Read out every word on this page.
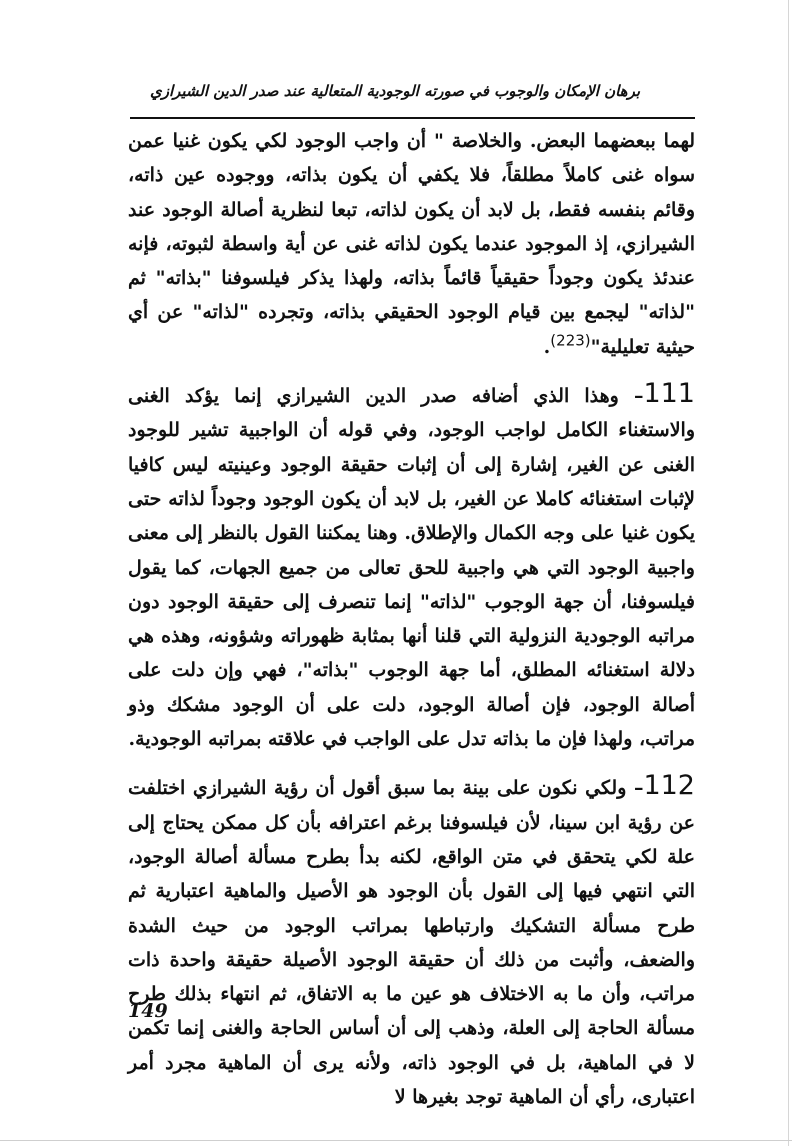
برهان الإمكان والوجوب في صورته الوجودية المتعالية عند صدر الدين الشيرازي

لهما ببعضهما البعض. والخلاصة " أن واجب الوجود لكي يكون غنيا عمن سواه غنى كاملاً مطلقاً، فلا يكفي أن يكون بذاته، ووجوده عين ذاته، وقائم بنفسه فقط، بل لابد أن يكون لذاته، تبعا لنظرية أصالة الوجود عند الشيرازي، إذ الموجود عندما يكون لذاته غنى عن أية واسطة لثبوته، فإنه عندئذ يكون وجوداً حقيقياً قائماً بذاته، ولهذا يذكر فيلسوفنا "بذاته" ثم "لذاته" ليجمع بين قيام الوجود الحقيقي بذاته، وتجرده "لذاته" عن أي حيثية تعليلية"$^{(223)}$.

111– وهذا الذي أضافه صدر الدين الشيرازي إنما يؤكد الغنى والاستغناء الكامل لواجب الوجود، وفي قوله أن الواجبية تشير للوجود الغنى عن الغير، إشارة إلى أن إثبات حقيقة الوجود وعينيته ليس كافيا لإثبات استغنائه كاملا عن الغير، بل لابد أن يكون الوجود وجوداً لذاته حتى يكون غنيا على وجه الكمال والإطلاق. وهنا يمكننا القول بالنظر إلى معنى واجبية الوجود التي هي واجبية للحق تعالى من جميع الجهات، كما يقول فيلسوفنا، أن جهة الوجوب "لذاته" إنما تنصرف إلى حقيقة الوجود دون مراتبه الوجودية النزولية التي قلنا أنها بمثابة ظهوراته وشؤونه، وهذه هي دلالة استغنائه المطلق، أما جهة الوجوب "بذاته"، فهي وإن دلت على أصالة الوجود، فإن أصالة الوجود، دلت على أن الوجود مشكك وذو مراتب، ولهذا فإن ما بذاته تدل على الواجب في علاقته بمراتبه الوجودية.

112– ولكي نكون على بينة بما سبق أقول أن رؤية الشيرازي اختلفت عن رؤية ابن سينا، لأن فيلسوفنا برغم اعترافه بأن كل ممكن يحتاج إلى علة لكي يتحقق في متن الواقع، لكنه بدأ بطرح مسألة أصالة الوجود، التي انتهي فيها إلى القول بأن الوجود هو الأصيل والماهية اعتبارية ثم طرح مسألة التشكيك وارتباطها بمراتب الوجود من حيث الشدة والضعف، وأثبت من ذلك أن حقيقة الوجود الأصيلة حقيقة واحدة ذات مراتب، وأن ما به الاختلاف هو عين ما به الاتفاق، ثم انتهاء بذلك طرح مسألة الحاجة إلى العلة، وذهب إلى أن أساس الحاجة والغنى إنما تكمن لا في الماهية، بل في الوجود ذاته، ولأنه يرى أن الماهية مجرد أمر اعتبارى، رأي أن الماهية توجد بغيرها لا

149
